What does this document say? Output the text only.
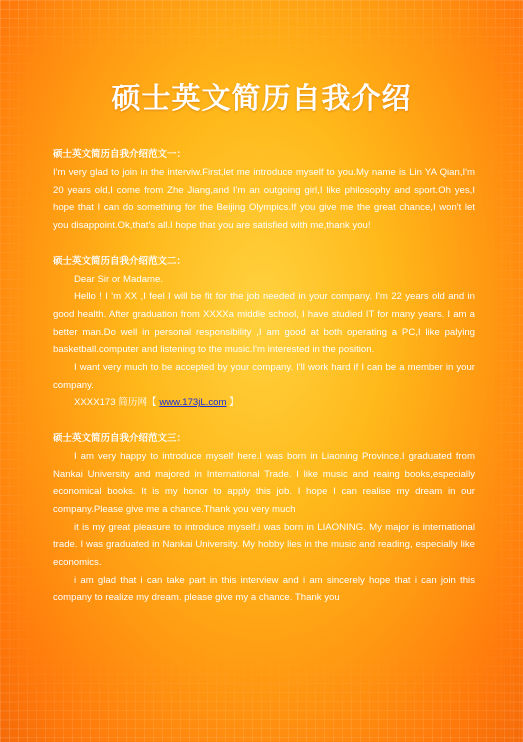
硕士英文简历自我介绍

硕士英文简历自我介绍范文一：

I'm very glad to join in the interviw.First,let me introduce myself to you.My name is Lin YA Qian,I'm 20 years old,I come from Zhe Jiang,and I'm an outgoing girl,I like philosophy and sport.Oh yes,I hope that I can do something for the Beijing Olympics.If you give me the great chance,I won't let you disappoint.Ok,that's all.I hope that you are satisfied with me,thank you!

硕士英文简历自我介绍范文二：

Dear Sir or Madame.

Hello ! I 'm XX ,I feel I will be fit for the job needed in your company. I'm 22 years old and in good health. After graduation from XXXXa middle school, I have studied IT for many years. I am a better man.Do well in personal responsibility ,I am good at both operating a PC,I like palying basketball.computer and listening to the music.I'm interested in the position.

I want very much to be accepted by your company. I'll work hard if I can be a member in your company.

XXXX173 简历网【 www.173jL.com 】

硕士英文简历自我介绍范文三：

I am very happy to introduce myself here.I was born in Liaoning Province.I graduated from Nankai University and majored in International Trade. I like music and reaing books,especially economical books. It is my honor to apply this job. I hope I can realise my dream in our company.Please give me a chance.Thank you very much

it is my great pleasure to introduce myself.i was born in LIAONING. My major is international trade. I was graduated in Nankai University. My hobby lies in the music and reading, especially like economics.

i am glad that i can take part in this interview and i am sincerely hope that i can join this company to realize my dream. please give my a chance. Thank you
